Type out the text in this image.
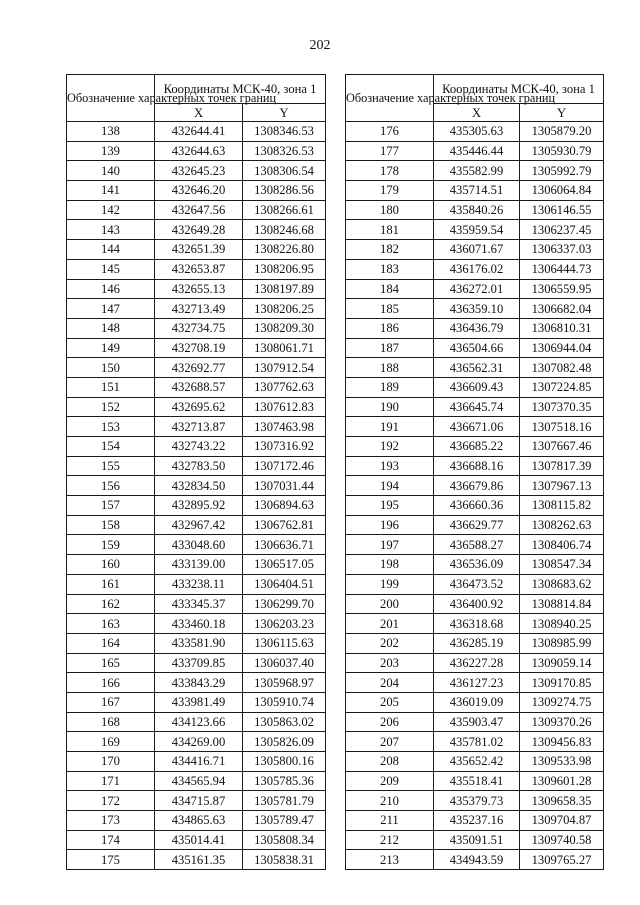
202
Обозначение характерных точек границ	Координаты МСК-40, зона 1	
	X	Y
138	432644.41	1308346.53
139	432644.63	1308326.53
140	432645.23	1308306.54
141	432646.20	1308286.56
142	432647.56	1308266.61
143	432649.28	1308246.68
144	432651.39	1308226.80
145	432653.87	1308206.95
146	432655.13	1308197.89
147	432713.49	1308206.25
148	432734.75	1308209.30
149	432708.19	1308061.71
150	432692.77	1307912.54
151	432688.57	1307762.63
152	432695.62	1307612.83
153	432713.87	1307463.98
154	432743.22	1307316.92
155	432783.50	1307172.46
156	432834.50	1307031.44
157	432895.92	1306894.63
158	432967.42	1306762.81
159	433048.60	1306636.71
160	433139.00	1306517.05
161	433238.11	1306404.51
162	433345.37	1306299.70
163	433460.18	1306203.23
164	433581.90	1306115.63
165	433709.85	1306037.40
166	433843.29	1305968.97
167	433981.49	1305910.74
168	434123.66	1305863.02
169	434269.00	1305826.09
170	434416.71	1305800.16
171	434565.94	1305785.36
172	434715.87	1305781.79
173	434865.63	1305789.47
174	435014.41	1305808.34
175	435161.35	1305838.31
Обозначение характерных точек границ	Координаты МСК-40, зона 1	
	X	Y
176	435305.63	1305879.20
177	435446.44	1305930.79
178	435582.99	1305992.79
179	435714.51	1306064.84
180	435840.26	1306146.55
181	435959.54	1306237.45
182	436071.67	1306337.03
183	436176.02	1306444.73
184	436272.01	1306559.95
185	436359.10	1306682.04
186	436436.79	1306810.31
187	436504.66	1306944.04
188	436562.31	1307082.48
189	436609.43	1307224.85
190	436645.74	1307370.35
191	436671.06	1307518.16
192	436685.22	1307667.46
193	436688.16	1307817.39
194	436679.86	1307967.13
195	436660.36	1308115.82
196	436629.77	1308262.63
197	436588.27	1308406.74
198	436536.09	1308547.34
199	436473.52	1308683.62
200	436400.92	1308814.84
201	436318.68	1308940.25
202	436285.19	1308985.99
203	436227.28	1309059.14
204	436127.23	1309170.85
205	436019.09	1309274.75
206	435903.47	1309370.26
207	435781.02	1309456.83
208	435652.42	1309533.98
209	435518.41	1309601.28
210	435379.73	1309658.35
211	435237.16	1309704.87
212	435091.51	1309740.58
213	434943.59	1309765.27
